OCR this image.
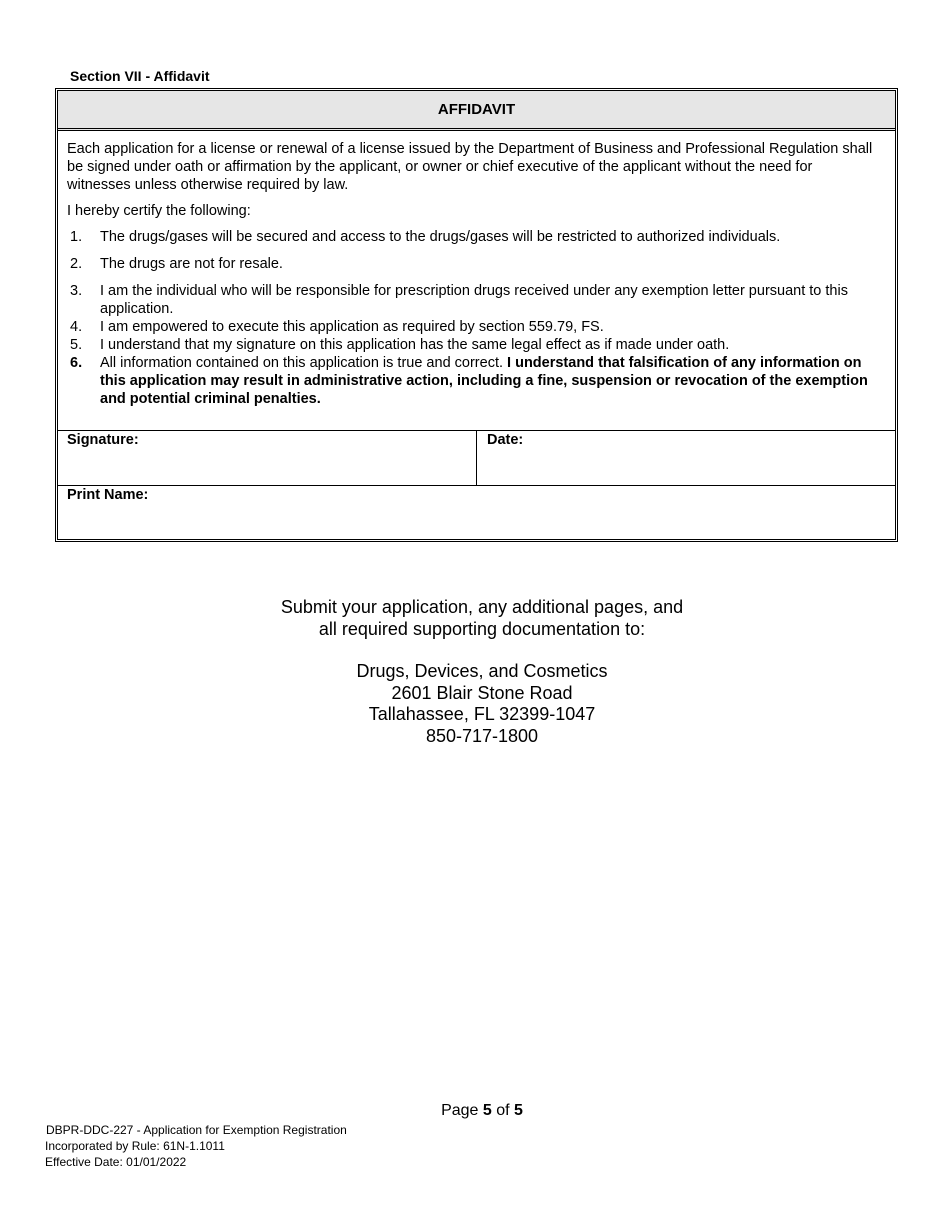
Section VII - Affidavit
AFFIDAVIT

Each application for a license or renewal of a license issued by the Department of Business and Professional Regulation shall be signed under oath or affirmation by the applicant, or owner or chief executive of the applicant without the need for witnesses unless otherwise required by law.

I hereby certify the following:

1.	The drugs/gases will be secured and access to the drugs/gases will be restricted to authorized individuals.
2.	The drugs are not for resale.
3.	I am the individual who will be responsible for prescription drugs received under any exemption letter pursuant to this application.
4.	I am empowered to execute this application as required by section 559.79, FS.
5.	I understand that my signature on this application has the same legal effect as if made under oath.
6.	All information contained on this application is true and correct. I understand that falsification of any information on this application may result in administrative action, including a fine, suspension or revocation of the exemption and potential criminal penalties.
Signature:	Date:
Print Name:
Submit your application, any additional pages, and
all required supporting documentation to:
Drugs, Devices, and Cosmetics
2601 Blair Stone Road
Tallahassee, FL 32399-1047
850-717-1800
Page 5 of 5
DBPR-DDC-227 - Application for Exemption Registration
Incorporated by Rule: 61N-1.1011
Effective Date: 01/01/2022
